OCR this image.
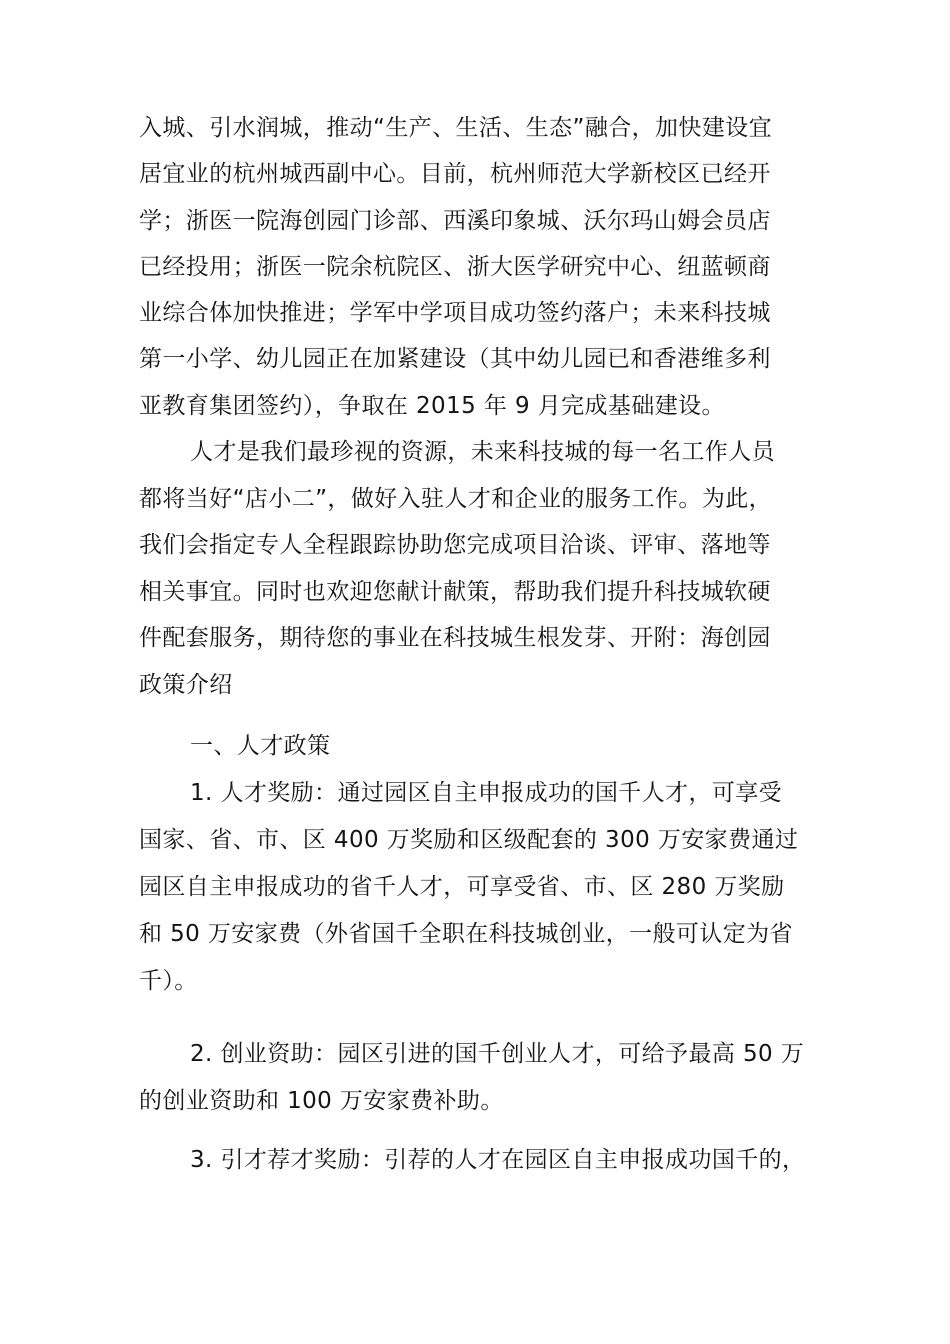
入城、引水润城，推动“生产、生活、生态”融合，加快建设宜
居宜业的杭州城西副中心。目前，杭州师范大学新校区已经开
学；浙医一院海创园门诊部、西溪印象城、沃尔玛山姆会员店
已经投用；浙医一院余杭院区、浙大医学研究中心、纽蓝顿商
业综合体加快推进；学军中学项目成功签约落户；未来科技城
第一小学、幼儿园正在加紧建设（其中幼儿园已和香港维多利
亚教育集团签约），争取在 2015 年 9 月完成基础建设。
人才是我们最珍视的资源，未来科技城的每一名工作人员
都将当好“店小二”，做好入驻人才和企业的服务工作。为此，
我们会指定专人全程跟踪协助您完成项目洽谈、评审、落地等
相关事宜。同时也欢迎您献计献策，帮助我们提升科技城软硬
件配套服务，期待您的事业在科技城生根发芽、开附：海创园
政策介绍
一、人才政策
1. 人才奖励：通过园区自主申报成功的国千人才，可享受
国家、省、市、区 400 万奖励和区级配套的 300 万安家费通过
园区自主申报成功的省千人才，可享受省、市、区 280 万奖励
和 50 万安家费（外省国千全职在科技城创业，一般可认定为省
千）。
2. 创业资助：园区引进的国千创业人才，可给予最高 50 万
的创业资助和 100 万安家费补助。
3. 引才荐才奖励：引荐的人才在园区自主申报成功国千的，
